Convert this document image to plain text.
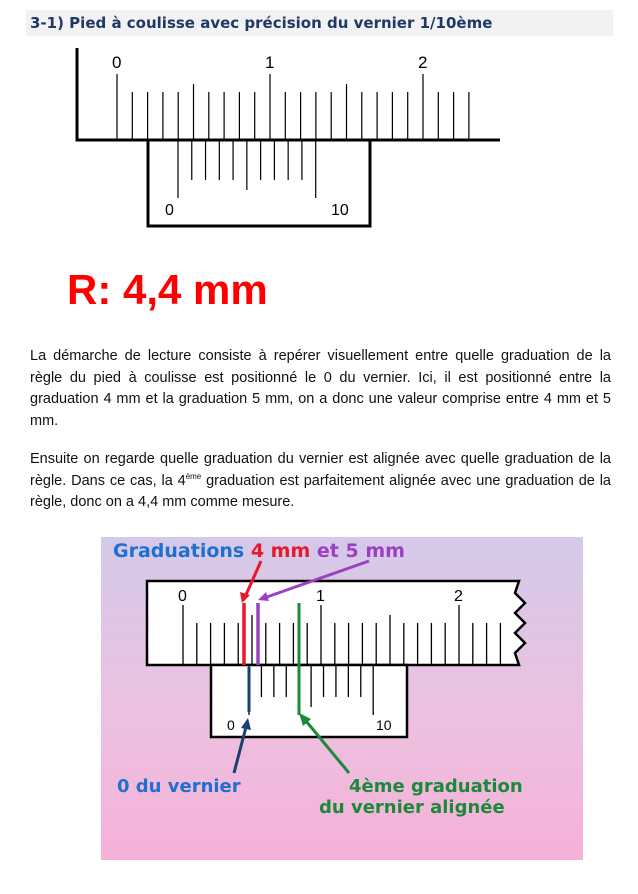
3-1) Pied à coulisse avec précision du vernier 1/10ème
0	1	2
0	10
R: 4,4 mm

La démarche de lecture consiste à repérer visuellement entre quelle graduation de la règle du pied à coulisse est positionné le 0 du vernier. Ici, il est positionné entre la graduation 4 mm et la graduation 5 mm, on a donc une valeur comprise entre 4 mm et 5 mm.

Ensuite on regarde quelle graduation du vernier est alignée avec quelle graduation de la règle. Dans ce cas, la 4ème graduation est parfaitement alignée avec une graduation de la règle, donc on a 4,4 mm comme mesure.

Graduations 4 mm et 5 mm
0	1	2
0	10
0 du vernier	4ème graduation
du vernier alignée
